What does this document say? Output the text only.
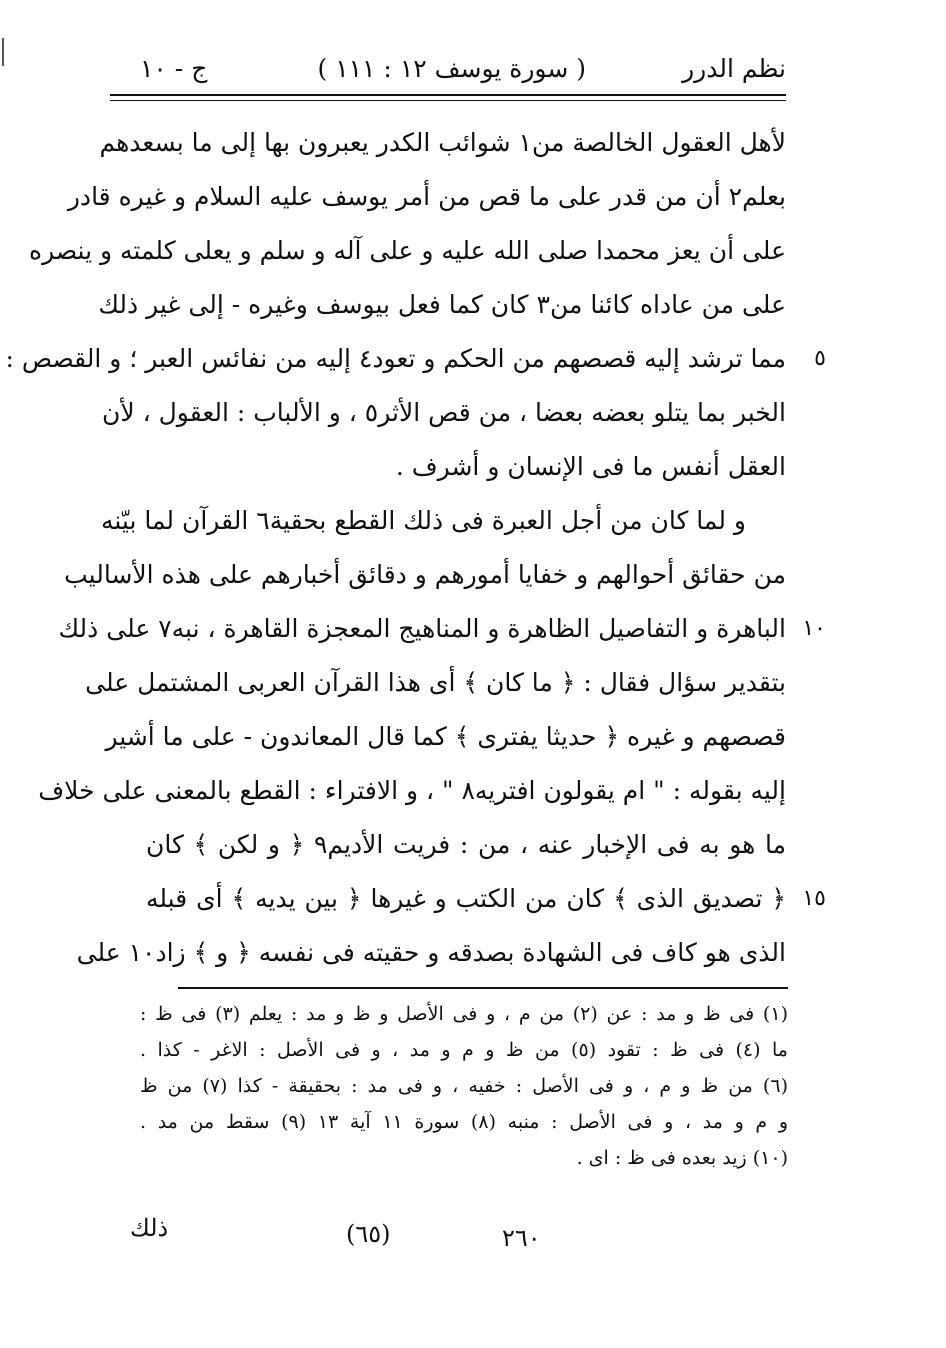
نظم الدرر
( سورة يوسف ١٢ : ١١١ )
ج - ١٠
لأهل العقول الخالصة من١ شوائب الكدر يعبرون بها إلى ما بسعدهم
بعلم٢ أن من قدر على ما قص من أمر يوسف عليه السلام و غيره قادر
على أن يعز محمدا صلى الله عليه و على آله و سلم و يعلى كلمته و ينصره
على من عاداه كائنا من٣ كان كما فعل بيوسف وغيره - إلى غير ذلك
٥
مما ترشد إليه قصصهم من الحكم و تعود٤ إليه من نفائس العبر ؛ و القصص :
الخبر بما يتلو بعضه بعضا ، من قص الأثر٥ ، و الألباب : العقول ، لأن
العقل أنفس ما فى الإنسان و أشرف .
و لما كان من أجل العبرة فى ذلك القطع بحقية٦ القرآن لما بيّنه
من حقائق أحوالهم و خفايا أمورهم و دقائق أخبارهم على هذه الأساليب
١٠
الباهرة و التفاصيل الظاهرة و المناهيج المعجزة القاهرة ، نبه٧ على ذلك
بتقدير سؤال فقال : ﴿ ما كان ﴾ أى هذا القرآن العربى المشتمل على
قصصهم و غيره ﴿ حديثا يفترى ﴾ كما قال المعاندون - على ما أشير
إليه بقوله : " ام يقولون افتريه٨ " ، و الافتراء : القطع بالمعنى على خلاف
ما هو به فى الإخبار عنه ، من : فريت الأديم٩ ﴿ و لكن ﴾ كان
١٥
﴿ تصديق الذى ﴾ كان من الكتب و غيرها ﴿ بين يديه ﴾ أى قبله
الذى هو كاف فى الشهادة بصدقه و حقيته فى نفسه ﴿ و ﴾ زاد١٠ على
(١) فى ظ و مد : عن (٢) من م ، و فى الأصل و ظ و مد : يعلم (٣) فى ظ :
ما (٤) فى ظ : تقود (٥) من ظ و م و مد ، و فى الأصل : الاغر - كذا .
(٦) من ظ و م ، و فى الأصل : خفيه ، و فى مد : بحقيقة - كذا (٧) من ظ
و م و مد ، و فى الأصل : منبه (٨) سورة ١١ آية ١٣ (٩) سقط من مد .
(١٠) زيد بعده فى ظ : اى .
٢٦٠
(٦٥)
ذلك
